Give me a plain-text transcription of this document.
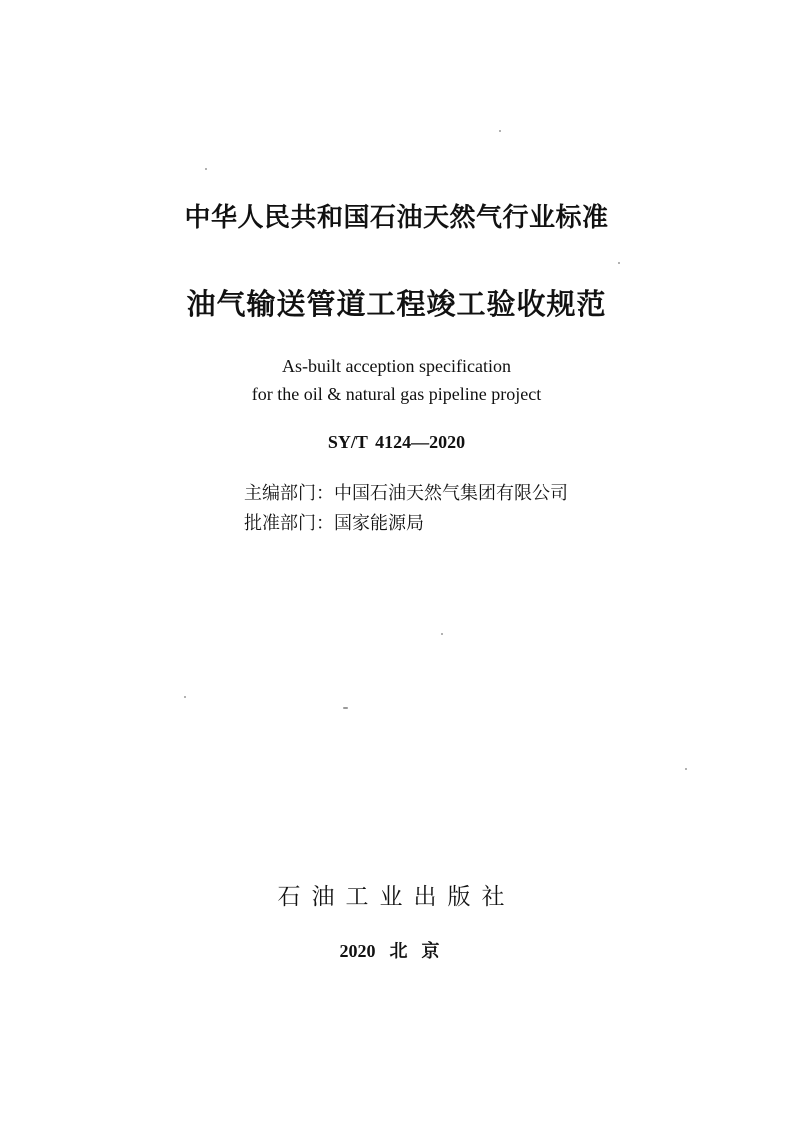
中华人民共和国石油天然气行业标准
油气输送管道工程竣工验收规范
As-built acception specification
for the oil & natural gas pipeline project
SY/T 4124—2020
主编部门：中国石油天然气集团有限公司
批准部门：国家能源局
石油工业出版社
2020 北京
